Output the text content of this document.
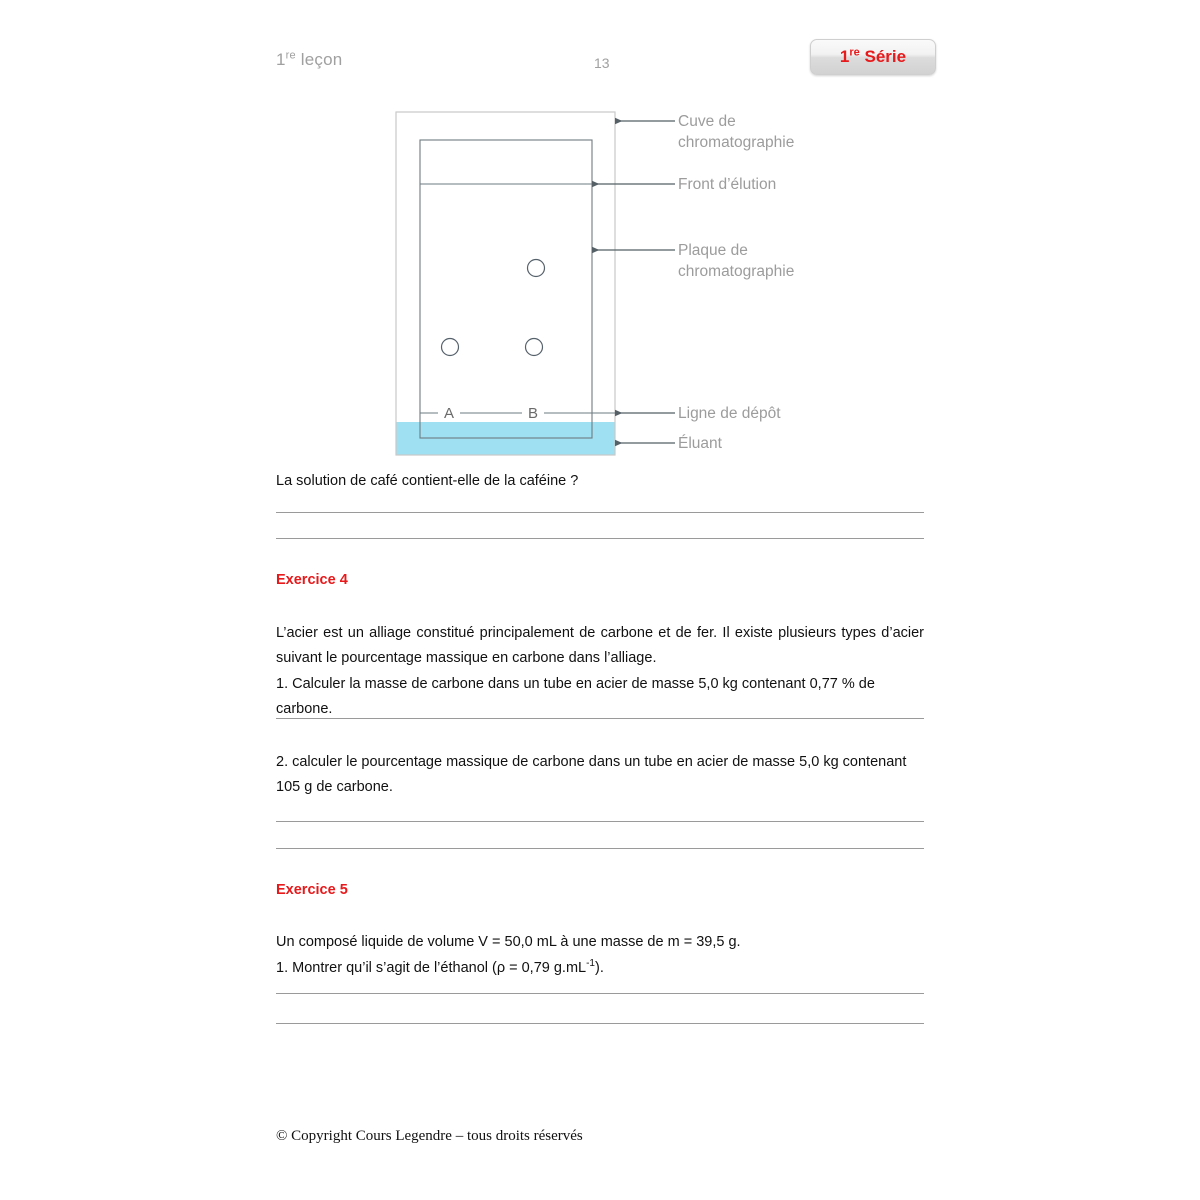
1re leçon	13	1re Série
A	B
Cuve de
chromatographie
Front d’élution
Plaque de
chromatographie
Ligne de dépôt
Éluant
La solution de café contient-elle de la caféine ?
Exercice 4
L’acier est un alliage constitué principalement de carbone et de fer. Il existe plusieurs types d’acier suivant le pourcentage massique en carbone dans l’alliage.
1. Calculer la masse de carbone dans un tube en acier de masse 5,0 kg contenant 0,77 % de carbone.
2. calculer le pourcentage massique de carbone dans un tube en acier de masse 5,0 kg contenant 105 g de carbone.
Exercice 5
Un composé liquide de volume V = 50,0 mL à une masse de m = 39,5 g.
1. Montrer qu’il s’agit de l’éthanol (ρ = 0,79 $g.mL^{-1}$).
© Copyright Cours Legendre – tous droits réservés
